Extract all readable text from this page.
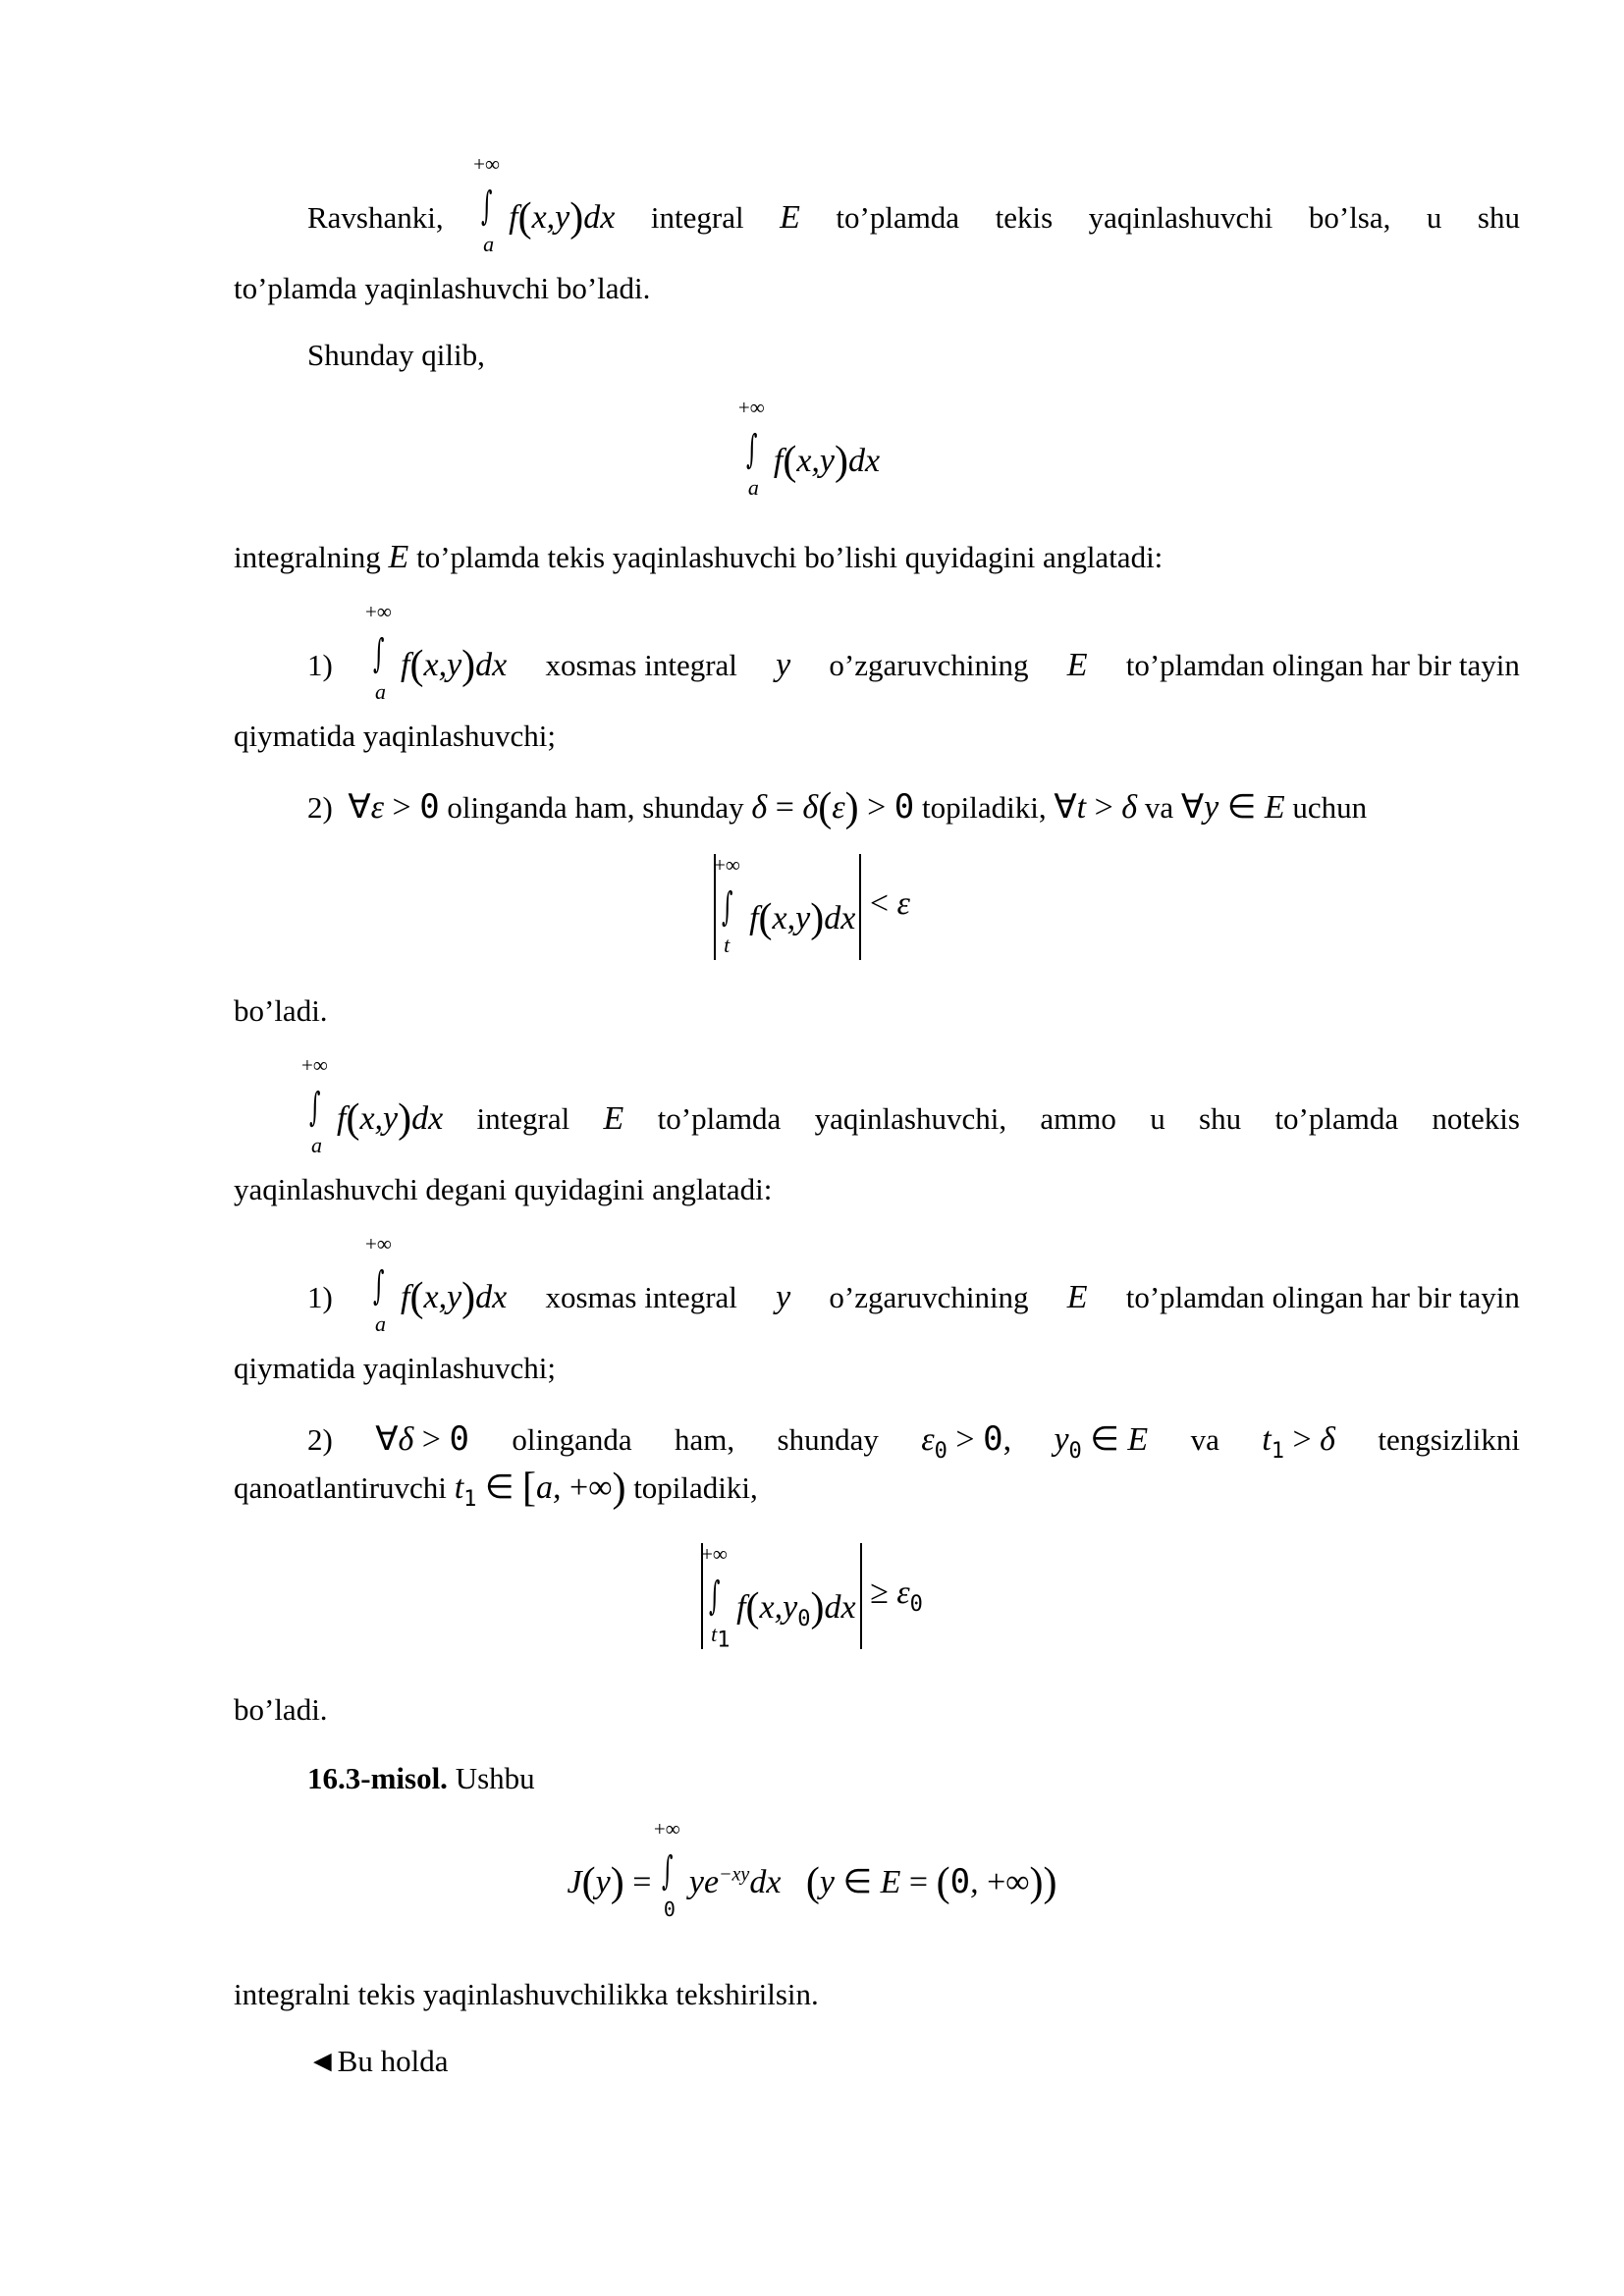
Ravshanki, ∫
+∞
a
f(x,y)dx integral E to’plamda tekis yaqinlashuvchi bo’lsa, u shu
to’plamda yaqinlashuvchi bo’ladi.
Shunday qilib,
∫
+∞
a
f(x,y)dx
integralning E to’plamda tekis yaqinlashuvchi bo’lishi quyidagini anglatadi:
1) ∫
+∞
a
f(x,y)dx xosmas integral y o’zgaruvchining E to’plamdan olingan har bir tayin
qiymatida yaqinlashuvchi;
2) ∀ε > 0 olinganda ham, shunday δ = δ(ε) > 0 topiladiki, ∀t > δ va ∀y ∈ E uchun
∫
+∞
t
f(x,y)dx < ε
bo’ladi.
∫
+∞
a
f(x,y)dx integral E to’plamda yaqinlashuvchi, ammo u shu to’plamda notekis
yaqinlashuvchi degani quyidagini anglatadi:
1) ∫
+∞
a
f(x,y)dx xosmas integral y o’zgaruvchining E to’plamdan olingan har bir tayin
qiymatida yaqinlashuvchi;
2) ∀δ > 0 olinganda ham, shunday $\varepsilon_0 > 0$, $y_0$ ∈ E va $t_1 > \delta$ tengsizlikni
qanoatlantiruvchi $t_1$ ∈ [a, +∞) topiladiki,
∫
+∞
$t_1$
$f(x,y_0)dx \ge \varepsilon_0$
bo’ladi.
16.3-misol. Ushbu
J(y) = ∫
+∞
0
$ye^{-xy}dx$   (y ∈ E = (0, +∞))
integralni tekis yaqinlashuvchilikka tekshirilsin.
◄Bu holda
